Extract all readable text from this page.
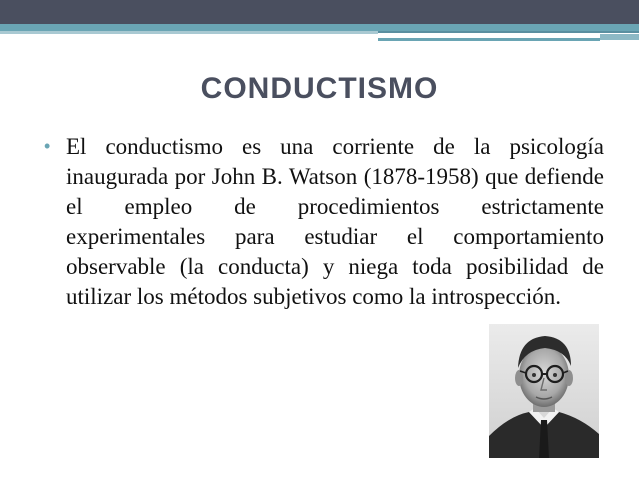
CONDUCTISMO
• El conductismo es una corriente de la psicología inaugurada por John B. Watson (1878-1958) que defiende el empleo de procedimientos estrictamente experimentales para estudiar el comportamiento observable (la conducta) y niega toda posibilidad de utilizar los métodos subjetivos como la introspección.
